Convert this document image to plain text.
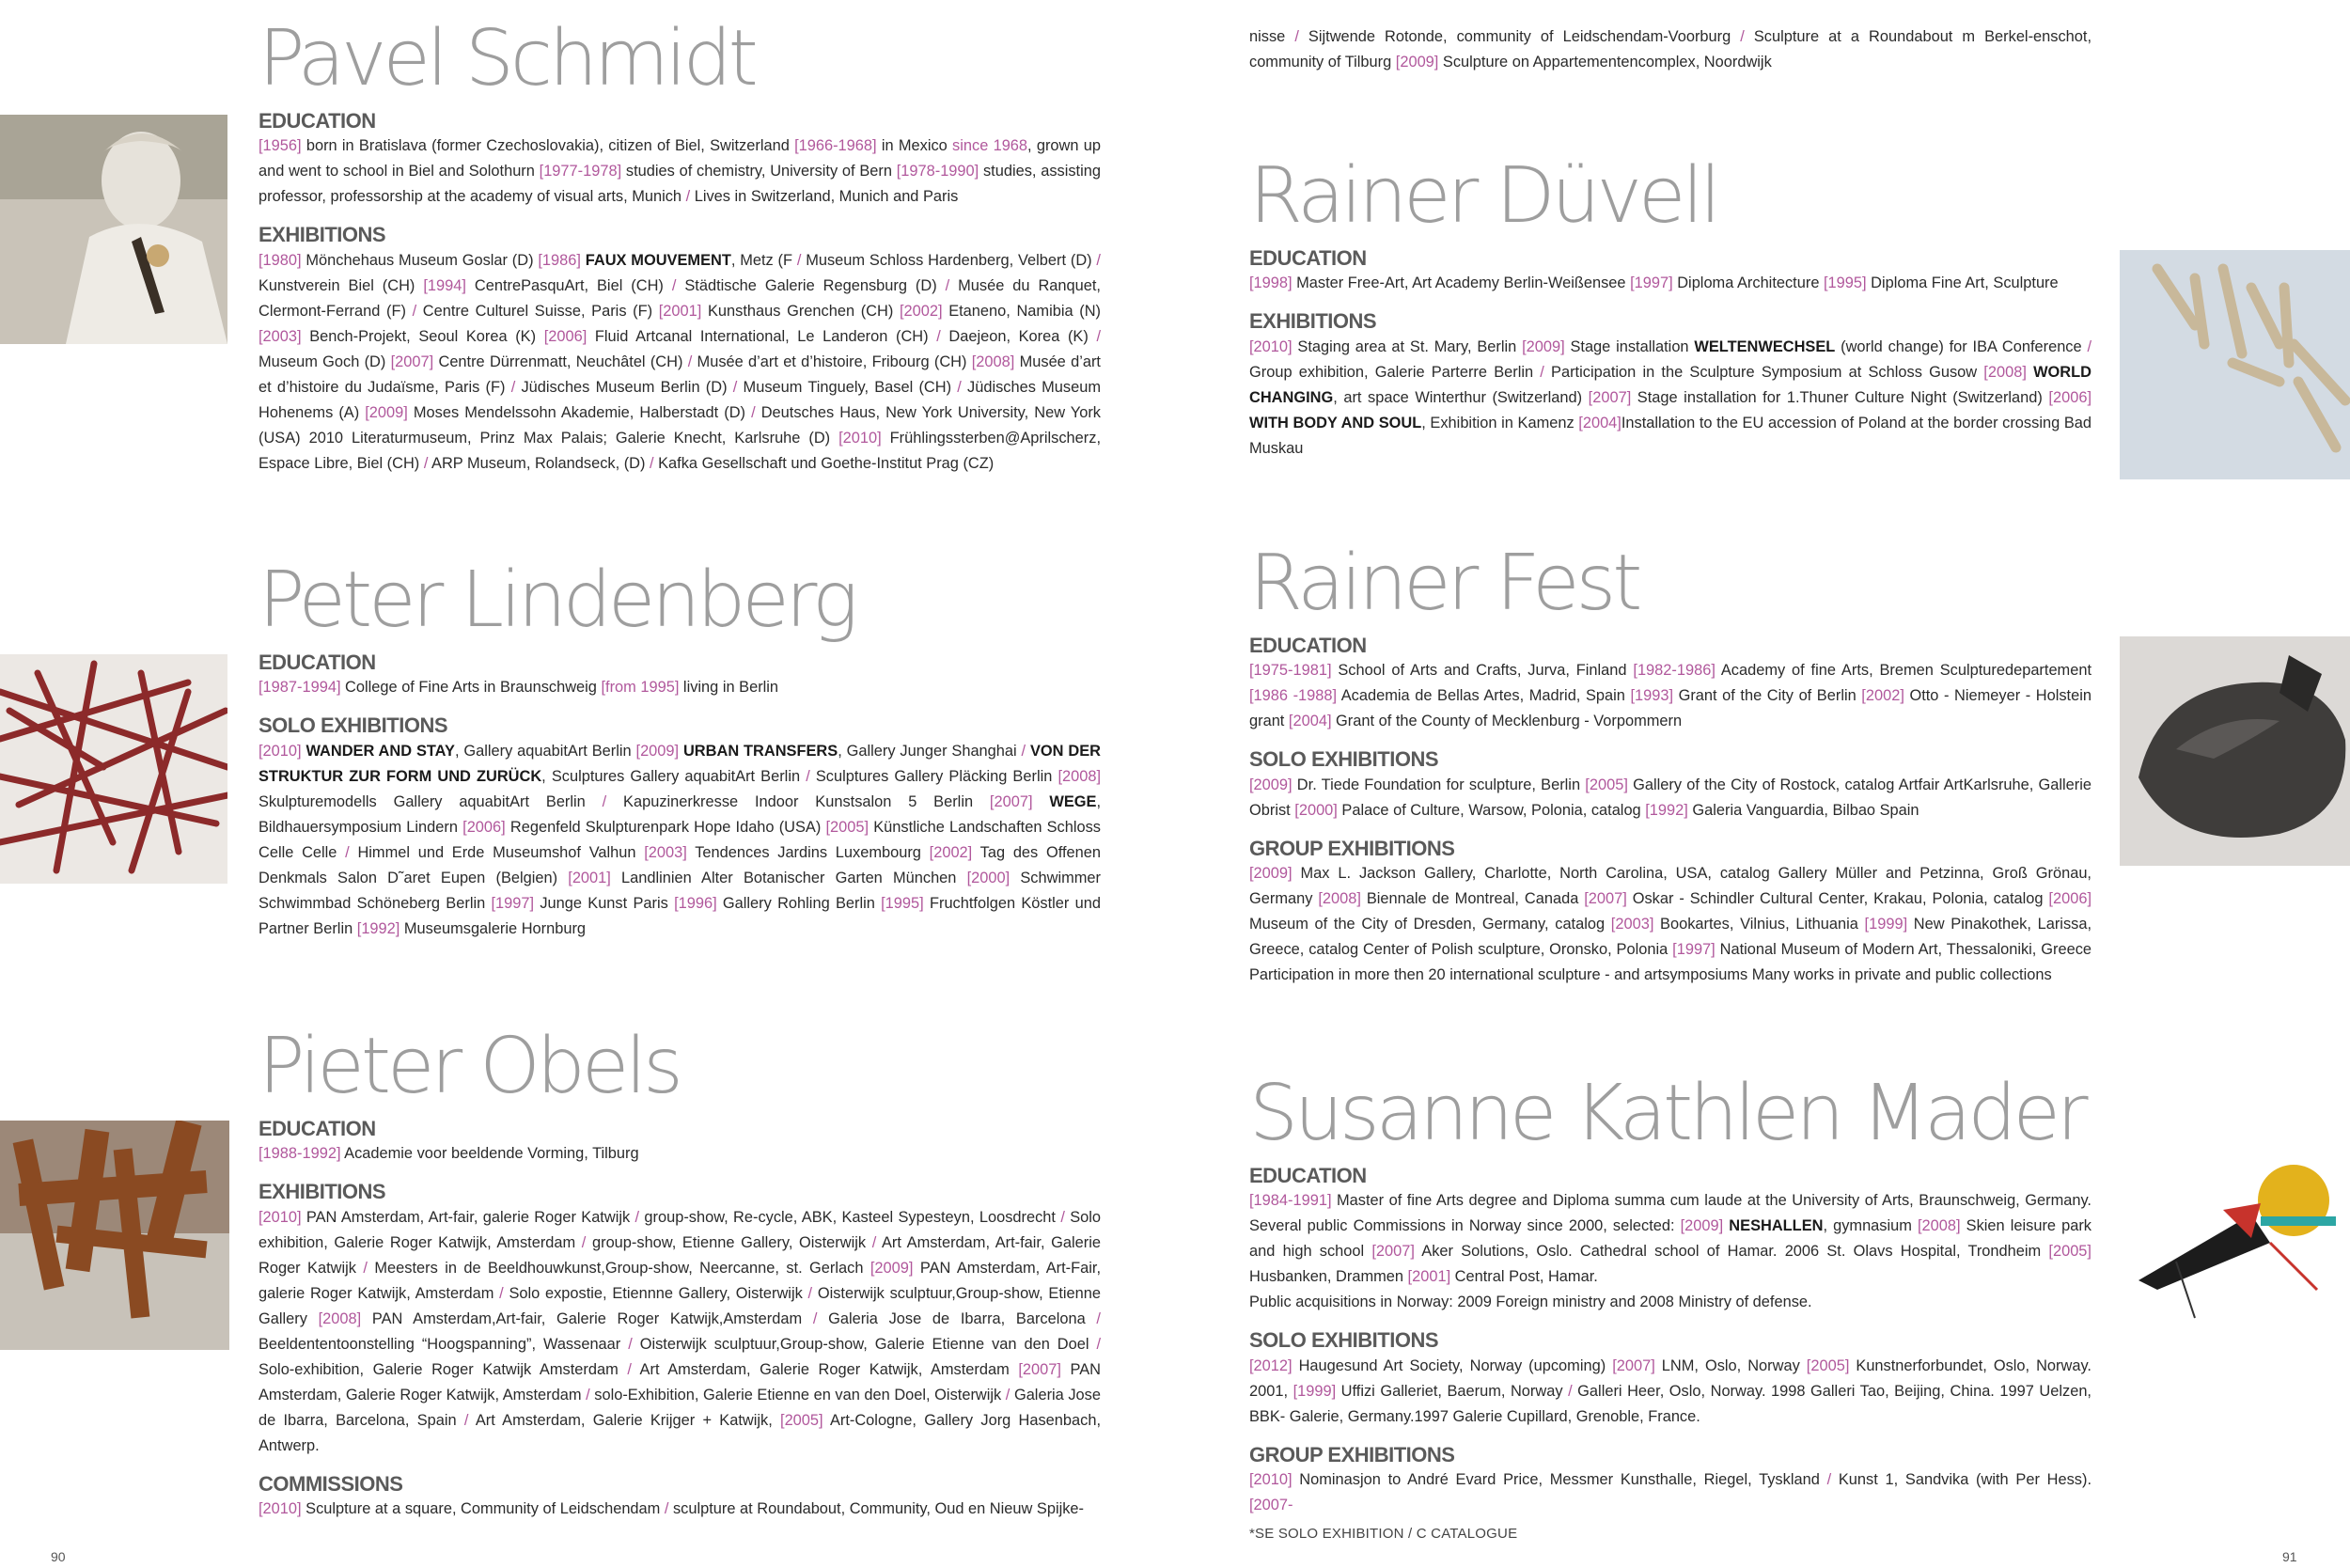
Pavel Schmidt
EDUCATION

[1956] born in Bratislava (former Czechoslovakia), citizen of Biel, Switzerland [1966-1968] in Mexico since 1968, grown up and went to school in Biel and Solothurn [1977-1978] studies of chemistry, University of Bern [1978-1990] studies, assisting professor, professorship at the academy of visual arts, Munich / Lives in Switzerland, Munich and Paris

EXHIBITIONS

[1980] Mönchehaus Museum Goslar (D) [1986] FAUX MOUVEMENT, Metz (F / Museum Schloss Hardenberg, Velbert (D) / Kunstverein Biel (CH) [1994] CentrePasquArt, Biel (CH) / Städtische Galerie Regensburg (D) / Musée du Ranquet, Clermont-Ferrand (F) / Centre Culturel Suisse, Paris (F) [2001] Kunsthaus Grenchen (CH) [2002] Etaneno, Namibia (N) [2003] Bench-Projekt, Seoul Korea (K) [2006] Fluid Artcanal International, Le Landeron (CH) / Daejeon, Korea (K) / Museum Goch (D) [2007] Centre Dürrenmatt, Neuchâtel (CH) / Musée d’art et d’histoire, Fribourg (CH) [2008] Musée d’art et d’histoire du Judaïsme, Paris (F) / Jüdisches Museum Berlin (D) / Museum Tinguely, Basel (CH) / Jüdisches Museum Hohenems (A) [2009] Moses Mendelssohn Akademie, Halberstadt (D) / Deutsches Haus, New York University, New York (USA) 2010 Literaturmuseum, Prinz Max Palais; Galerie Knecht, Karlsruhe (D) [2010] Frühlingssterben@Aprilscherz, Espace Libre, Biel (CH) / ARP Museum, Rolandseck, (D) / Kafka Gesellschaft und Goethe-Institut Prag (CZ)

Peter Lindenberg
EDUCATION

[1987-1994] College of Fine Arts in Braunschweig [from 1995] living in Berlin

SOLO EXHIBITIONS

[2010] WANDER AND STAY, Gallery aquabitArt Berlin [2009] URBAN TRANSFERS, Gallery Junger Shanghai / VON DER STRUKTUR ZUR FORM UND ZURÜCK, Sculptures Gallery aquabitArt Berlin / Sculptures Gallery Pläcking Berlin [2008] Skulpturemodells Gallery aquabitArt Berlin / Kapuzinerkresse Indoor Kunstsalon 5 Berlin [2007] WEGE, Bildhauersymposium Lindern [2006] Regenfeld Skulpturenpark Hope Idaho (USA) [2005] Künstliche Landschaften Schloss Celle Celle / Himmel und Erde Museumshof Valhun [2003] Tendences Jardins Luxembourg [2002] Tag des Offenen Denkmals Salon D˜aret Eupen (Belgien) [2001] Landlinien Alter Botanischer Garten München [2000] Schwimmer Schwimmbad Schöneberg Berlin [1997] Junge Kunst Paris [1996] Gallery Rohling Berlin [1995] Fruchtfolgen Köstler und Partner Berlin [1992] Museumsgalerie Hornburg

Pieter Obels
EDUCATION

[1988-1992] Academie voor beeldende Vorming, Tilburg

EXHIBITIONS

[2010] PAN Amsterdam, Art-fair, galerie Roger Katwijk / group-show, Re-cycle, ABK, Kasteel Sypesteyn, Loosdrecht / Solo exhibition, Galerie Roger Katwijk, Amsterdam / group-show, Etienne Gallery, Oisterwijk / Art Amsterdam, Art-fair, Galerie Roger Katwijk / Meesters in de Beeldhouwkunst,Group-show, Neercanne, st. Gerlach [2009] PAN Amsterdam, Art-Fair, galerie Roger Katwijk, Amsterdam / Solo expostie, Etiennne Gallery, Oisterwijk / Oisterwijk sculptuur,Group-show, Etienne Gallery [2008] PAN Amsterdam,Art-fair, Galerie Roger Katwijk,Amsterdam / Galeria Jose de Ibarra, Barcelona / Beeldententoonstelling “Hoogspanning”, Wassenaar / Oisterwijk sculptuur,Group-show, Galerie Etienne van den Doel / Solo-exhibition, Galerie Roger Katwijk Amsterdam / Art Amsterdam, Galerie Roger Katwijk, Amsterdam [2007] PAN Amsterdam, Galerie Roger Katwijk, Amsterdam / solo-Exhibition, Galerie Etienne en van den Doel, Oisterwijk / Galeria Jose de Ibarra, Barcelona, Spain / Art Amsterdam, Galerie Krijger + Katwijk, [2005] Art-Cologne, Gallery Jorg Hasenbach, Antwerp.

COMMISSIONS

[2010] Sculpture at a square, Community of Leidschendam / sculpture at Roundabout, Community, Oud en Nieuw Spijke-

90

nisse / Sijtwende Rotonde, community of Leidschendam-Voorburg / Sculpture at a Roundabout m Berkel-enschot, community of Tilburg [2009] Sculpture on Appartementencomplex, Noordwijk

Rainer Düvell
EDUCATION

[1998] Master Free-Art, Art Academy Berlin-Weißensee [1997] Diploma Architecture [1995] Diploma Fine Art, Sculpture

EXHIBITIONS

[2010] Staging area at St. Mary, Berlin [2009] Stage installation WELTENWECHSEL (world change) for IBA Conference / Group exhibition, Galerie Parterre Berlin / Participation in the Sculpture Symposium at Schloss Gusow [2008] WORLD CHANGING, art space Winterthur (Switzerland) [2007] Stage installation for 1.Thuner Culture Night (Switzerland) [2006] WITH BODY AND SOUL, Exhibition in Kamenz [2004]Installation to the EU accession of Poland at the border crossing Bad Muskau

Rainer Fest
EDUCATION

[1975-1981] School of Arts and Crafts, Jurva, Finland [1982-1986] Academy of fine Arts, Bremen Sculpturedepartement [1986 -1988] Academia de Bellas Artes, Madrid, Spain [1993] Grant of the City of Berlin [2002] Otto - Niemeyer - Holstein grant [2004] Grant of the County of Mecklenburg - Vorpommern

SOLO EXHIBITIONS

[2009] Dr. Tiede Foundation for sculpture, Berlin [2005] Gallery of the City of Rostock, catalog Artfair ArtKarlsruhe, Gallerie Obrist [2000] Palace of Culture, Warsow, Polonia, catalog [1992] Galeria Vanguardia, Bilbao Spain

GROUP EXHIBITIONS

[2009] Max L. Jackson Gallery, Charlotte, North Carolina, USA, catalog Gallery Müller and Petzinna, Groß Grönau, Germany [2008] Biennale de Montreal, Canada [2007] Oskar - Schindler Cultural Center, Krakau, Polonia, catalog [2006] Museum of the City of Dresden, Germany, catalog [2003] Bookartes, Vilnius, Lithuania [1999] New Pinakothek, Larissa, Greece, catalog Center of Polish sculpture, Oronsko, Polonia [1997] National Museum of Modern Art, Thessaloniki, Greece Participation in more then 20 international sculpture - and artsymposiums Many works in private and public collections

Susanne Kathlen Mader
EDUCATION

[1984-1991] Master of fine Arts degree and Diploma summa cum laude at the University of Arts, Braunschweig, Germany. Several public Commissions in Norway since 2000, selected: [2009] NESHALLEN, gymnasium [2008] Skien leisure park and high school [2007] Aker Solutions, Oslo. Cathedral school of Hamar. 2006 St. Olavs Hospital, Trondheim [2005] Husbanken, Drammen [2001] Central Post, Hamar.
Public acquisitions in Norway: 2009 Foreign ministry and 2008 Ministry of defense.

SOLO EXHIBITIONS

[2012] Haugesund Art Society, Norway (upcoming) [2007] LNM, Oslo, Norway [2005] Kunstnerforbundet, Oslo, Norway. 2001, [1999] Uffizi Galleriet, Baerum, Norway / Galleri Heer, Oslo, Norway. 1998 Galleri Tao, Beijing, China. 1997 Uelzen, BBK- Galerie, Germany.1997 Galerie Cupillard, Grenoble, France.

GROUP EXHIBITIONS

[2010] Nominasjon to André Evard Price, Messmer Kunsthalle, Riegel, Tyskland / Kunst 1, Sandvika (with Per Hess). [2007-

*SE SOLO EXHIBITION / C CATALOGUE
91
